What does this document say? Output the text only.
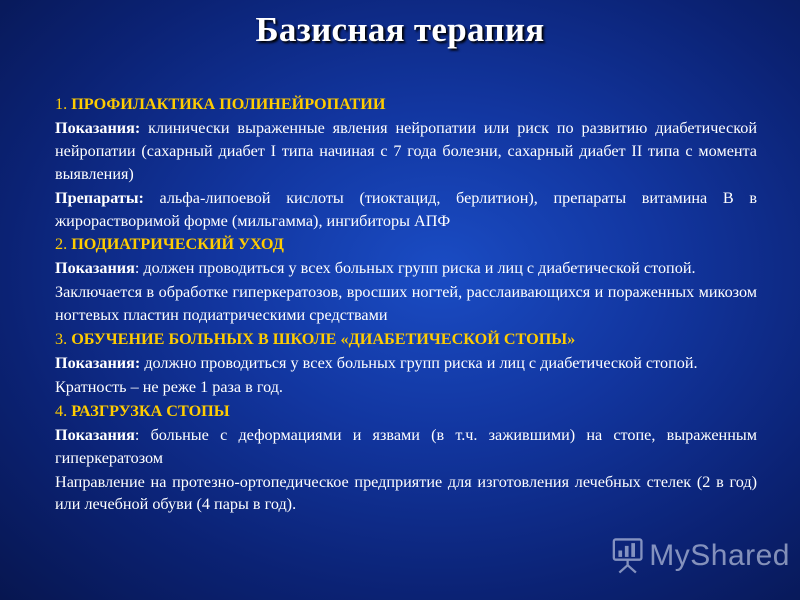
Базисная терапия

1. ПРОФИЛАКТИКА ПОЛИНЕЙРОПАТИИ

Показания: клинически выраженные явления нейропатии или риск по развитию диабетической нейропатии (сахарный диабет I типа начиная с 7 года болезни, сахарный диабет II типа с момента выявления)

Препараты: альфа-липоевой кислоты (тиоктацид, берлитион), препараты витамина В в жирорастворимой форме (мильгамма), ингибиторы АПФ

2. ПОДИАТРИЧЕСКИЙ УХОД

Показания: должен проводиться у всех больных групп риска и лиц с диабетической стопой.

Заключается в обработке гиперкератозов, вросших ногтей, расслаивающихся и пораженных микозом ногтевых пластин подиатрическими средствами

3. ОБУЧЕНИЕ БОЛЬНЫХ В ШКОЛЕ «ДИАБЕТИЧЕСКОЙ СТОПЫ»

Показания: должно проводиться у всех больных групп риска и лиц с диабетической стопой.

Кратность – не реже 1 раза в год.

4. РАЗГРУЗКА СТОПЫ

Показания: больные с деформациями и язвами (в т.ч. зажившими) на стопе, выраженным гиперкератозом

Направление на протезно-ортопедическое предприятие для изготовления лечебных стелек (2 в год) или лечебной обуви (4 пары в год).

MyShared
